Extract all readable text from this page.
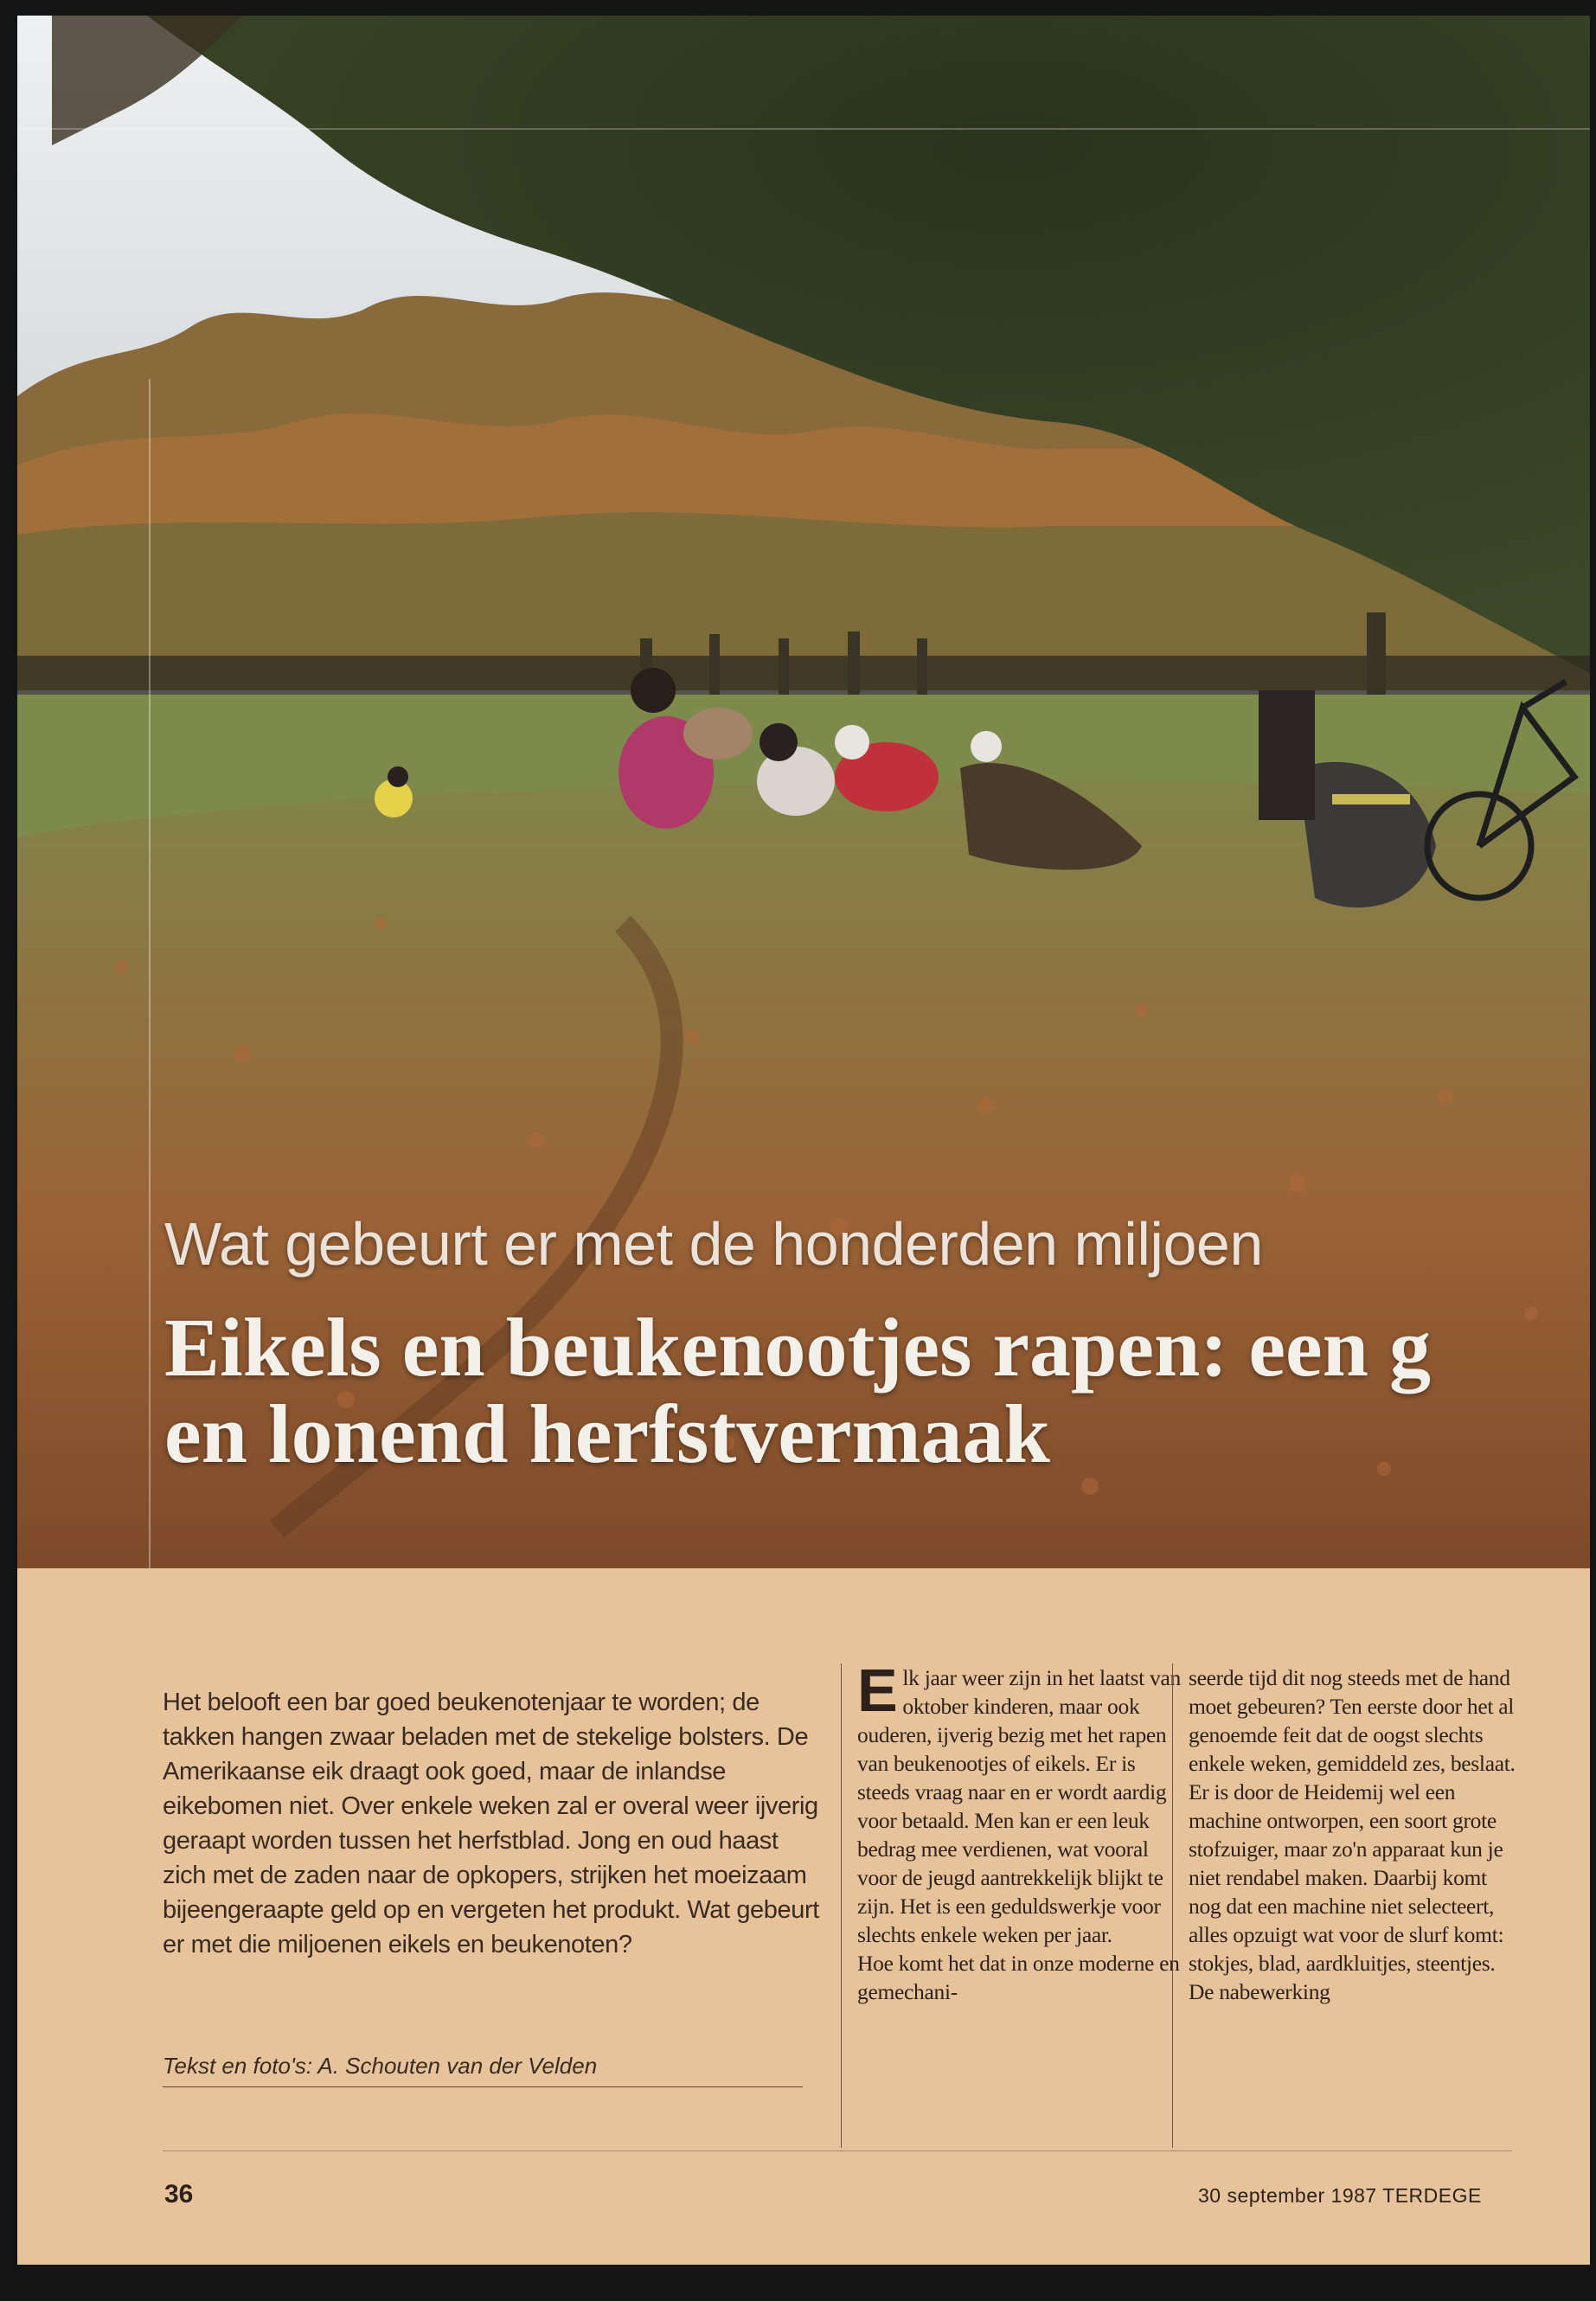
Wat gebeurt er met de honderden miljoen
Eikels en beukenootjes rapen: een g
en lonend herfstvermaak
Het belooft een bar goed beukenotenjaar te worden; de takken hangen zwaar beladen met de stekelige bolsters. De Amerikaanse eik draagt ook goed, maar de inlandse eikebomen niet. Over enkele weken zal er overal weer ijverig geraapt worden tussen het herfstblad. Jong en oud haast zich met de zaden naar de opkopers, strijken het moeizaam bijeengeraapte geld op en vergeten het produkt. Wat gebeurt er met die miljoenen eikels en beukenoten?
Tekst en foto's: A. Schouten van der Velden
E lk jaar weer zijn in het laatst van oktober kinderen, maar ook ouderen, ijverig bezig met het rapen van beukenootjes of eikels. Er is steeds vraag naar en er wordt aardig voor betaald. Men kan er een leuk bedrag mee verdienen, wat vooral voor de jeugd aantrekkelijk blijkt te zijn. Het is een geduldswerkje voor slechts enkele weken per jaar.

Hoe komt het dat in onze moderne en gemechani-

seerde tijd dit nog steeds met de hand moet gebeuren? Ten eerste door het al genoemde feit dat de oogst slechts enkele weken, gemiddeld zes, beslaat. Er is door de Heidemij wel een machine ontworpen, een soort grote stofzuiger, maar zo'n apparaat kun je niet rendabel maken. Daarbij komt nog dat een machine niet selecteert, alles opzuigt wat voor de slurf komt: stokjes, blad, aardkluitjes, steentjes. De nabewerking

36	30 september 1987 TERDEGE
